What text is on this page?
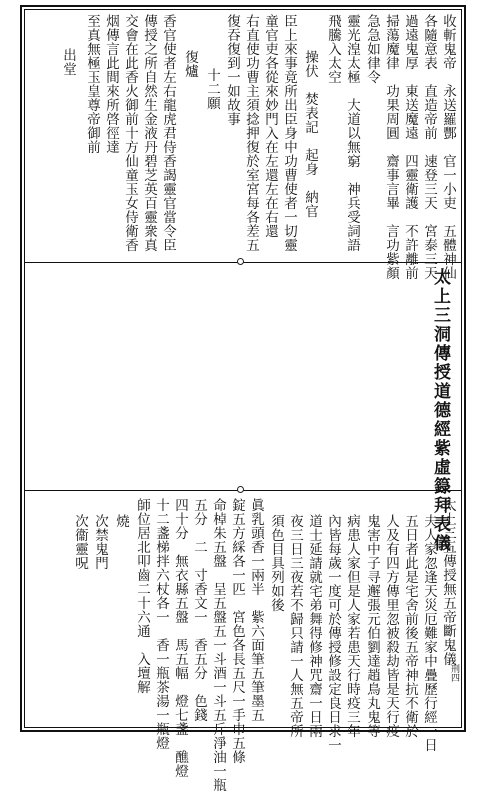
收斬鬼帝　永送羅酆　官一小吏　五體神仙
各隨意表　直造帝前　速登三天　宮泰三天
過遠鬼厚　東送魔遠　四靈衛護　不許離前
掃蕩魔律　功果周圓　齋事言畢　言功紫顏
急急如律令
靈光湟太極　大道以無窮　神兵受詞語
飛騰入太空
操伏　焚表記　起身　納官
臣上來事竟所出臣身中功曹使者一切靈
童官吏各從來妙門入在左還左在右還
右直使功曹主須捻押復於室宮每各差五
復吞復到一如故事
十二願
復爐
香官使者左右龍虎君侍香謁靈官當令臣
傳授之所自然生金液丹碧芝英百靈衆真
交會在此香火御前十方仙童玉女侍衛香
烟傳言此間來所啓徑達
至真無極玉皇尊帝御前
出堂
太上三洞傳授道德經紫虛籙拜表儀
刑四
太上三五傳授無五帝斷鬼儀
夫人家忽逢天災厄難家中疊歷行經一日
五日者此是宅舍前後五帝神抗不衛於
人及有四方傳里忽被殺劫皆是天行疫
鬼害中子寻邂張元伯劉達趙鳥丸鬼等
病患人家但是人家若患天行時疫三年
內皆每歲一度可於傳授修設定良日求一
道士延請就宅弟舞得修神咒齋一日兩
夜三日三夜若不歸只請一人無五帝所
須色目具列如後
眞乳頭香一兩半　紫六面筆五筆墨五
錠五方綵各一匹　宮色各長五尺一手巾五條
命棹朱五盤　呈五盤五一斗酒一斗五斤淨油一瓶
五分　二　寸香文一　香五分　色錢
四十分　無衣縣五盤　馬五幅　燈七盞　醮燈
十二盞梯拌六杖各一　香一瓶茶湯一瓶燈
師位居北叩齒二十六通　入壇解
燒
次禁鬼門
次衞靈呪
